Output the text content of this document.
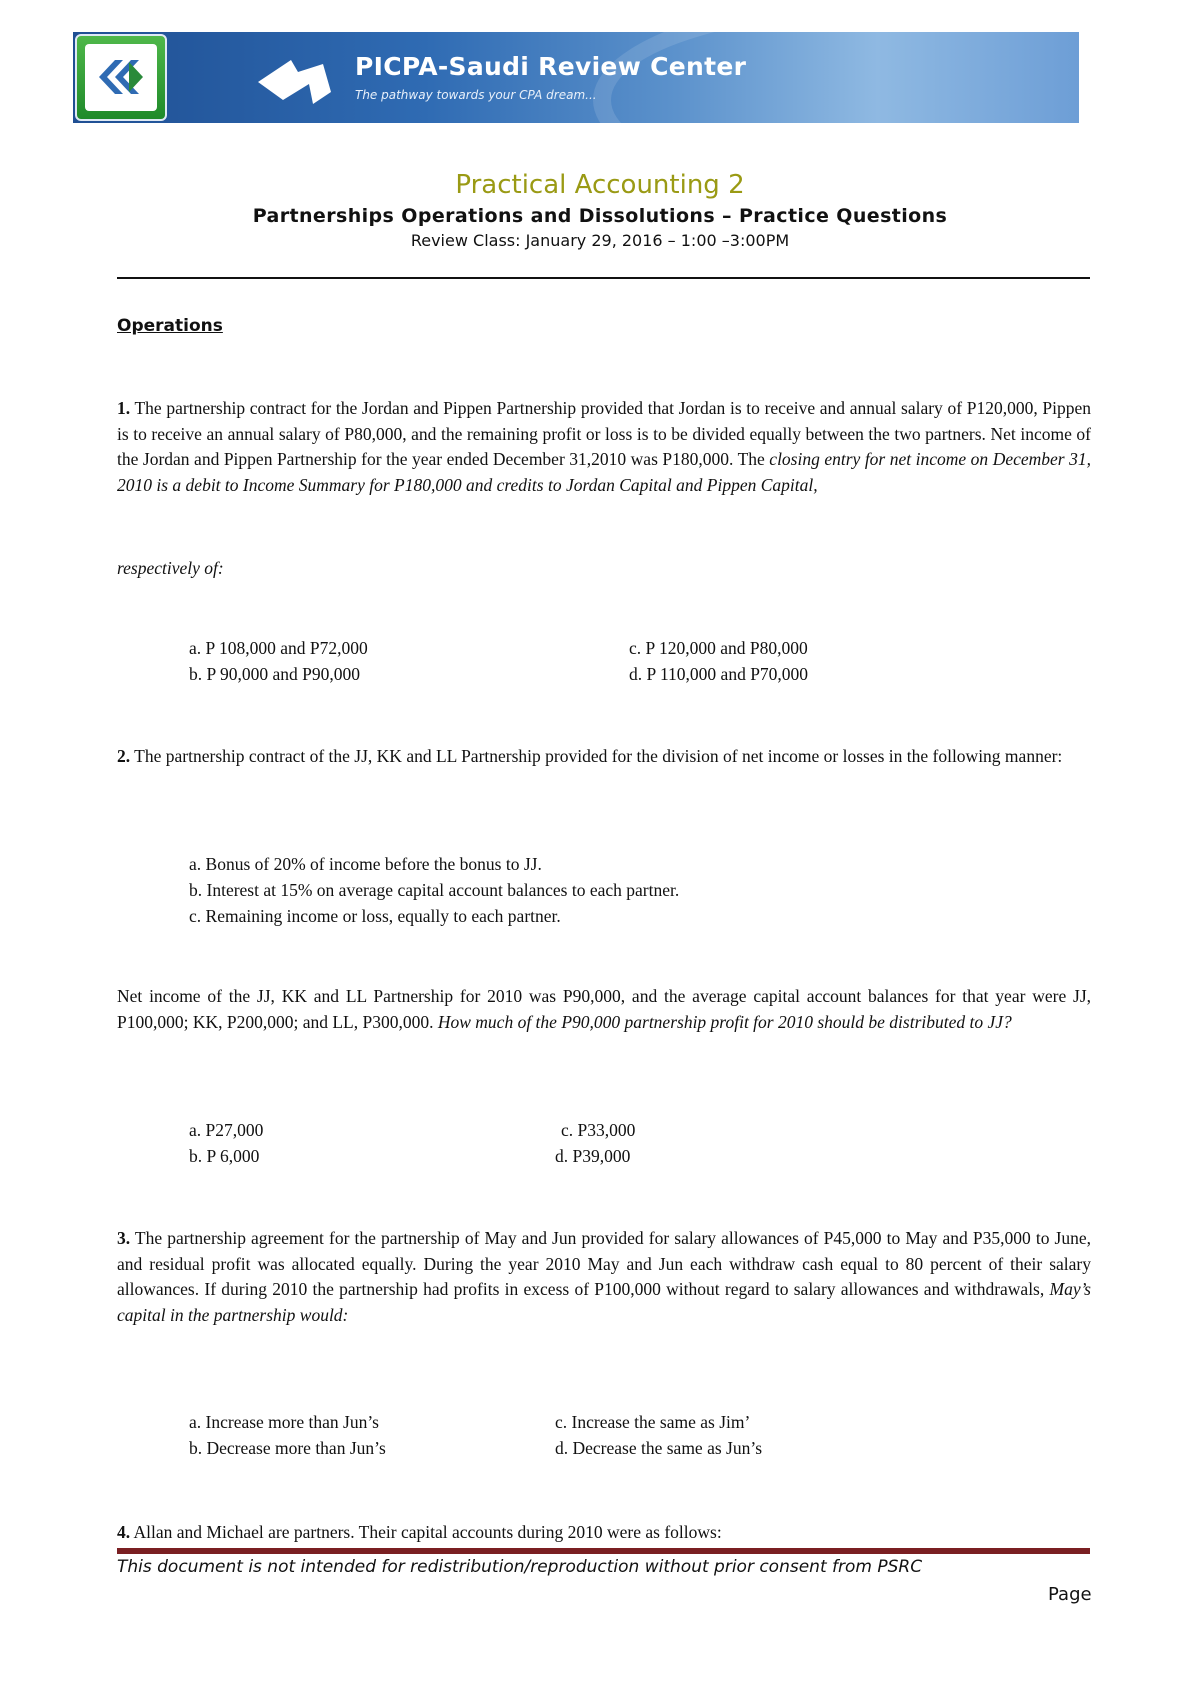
PICPA-Saudi Review Center
The pathway towards your CPA dream...
Practical Accounting 2
Partnerships Operations and Dissolutions – Practice Questions
Review Class: January 29, 2016 – 1:00 –3:00PM
Operations
1. The partnership contract for the Jordan and Pippen Partnership provided that Jordan is to receive and annual salary of P120,000, Pippen is to receive an annual salary of P80,000, and the remaining profit or loss is to be divided equally between the two partners. Net income of the Jordan and Pippen Partnership for the year ended December 31,2010 was P180,000. The closing entry for net income on December 31, 2010 is a debit to Income Summary for P180,000 and credits to Jordan Capital and Pippen Capital,
respectively of:
a. P 108,000 and P72,000
b. P 90,000 and P90,000
c. P 120,000 and P80,000
d. P 110,000 and P70,000
2. The partnership contract of the JJ, KK and LL Partnership provided for the division of net income or losses in the following manner:
a. Bonus of 20% of income before the bonus to JJ.
b. Interest at 15% on average capital account balances to each partner.
c. Remaining income or loss, equally to each partner.
Net income of the JJ, KK and LL Partnership for 2010 was P90,000, and the average capital account balances for that year were JJ, P100,000; KK, P200,000; and LL, P300,000. How much of the P90,000 partnership profit for 2010 should be distributed to JJ?
a. P27,000
b. P 6,000
c. P33,000
d. P39,000
3. The partnership agreement for the partnership of May and Jun provided for salary allowances of P45,000 to May and P35,000 to June, and residual profit was allocated equally. During the year 2010 May and Jun each withdraw cash equal to 80 percent of their salary allowances. If during 2010 the partnership had profits in excess of P100,000 without regard to salary allowances and withdrawals, May’s capital in the partnership would:
a. Increase more than Jun’s
b. Decrease more than Jun’s
c. Increase the same as Jim’
d. Decrease the same as Jun’s
4. Allan and Michael are partners. Their capital accounts during 2010 were as follows:
This document is not intended for redistribution/reproduction without prior consent from PSRC
Page
